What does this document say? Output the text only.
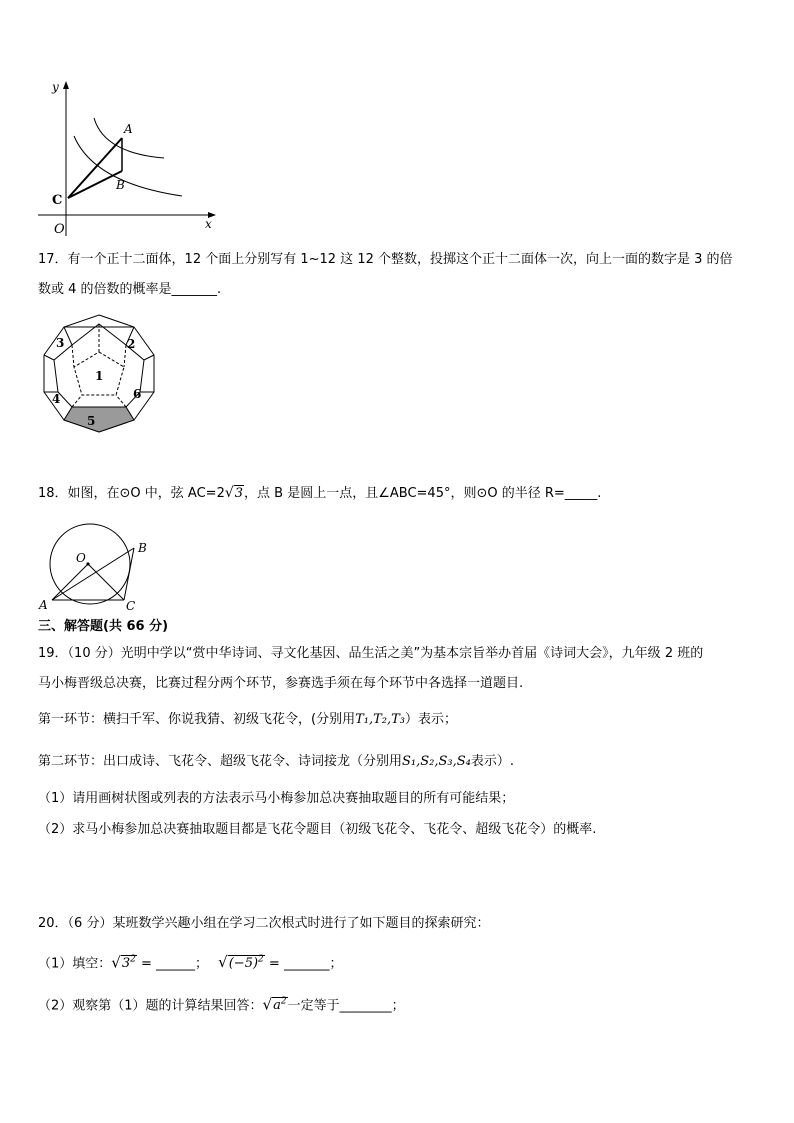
y
x
O
A
B
C
17．有一个正十二面体，12 个面上分别写有 1~12 这 12 个整数，投掷这个正十二面体一次，向上一面的数字是 3 的倍
数或 4 的倍数的概率是_______.
1
2
3
4
5
6
18．如图，在⊙O 中，弦 AC=2√3，点 B 是圆上一点，且∠ABC=45°，则⊙O 的半径 R=_____.
O
A
B
C
三、解答题(共 66 分)
19．（10 分）光明中学以“赏中华诗词、寻文化基因、品生活之美”为基本宗旨举办首届《诗词大会》，九年级 2 班的
马小梅晋级总决赛，比赛过程分两个环节，参赛选手须在每个环节中各选择一道题目.
第一环节：横扫千军、你说我猜、初级飞花令，(分别用T₁,T₂,T₃）表示；
第二环节：出口成诗、飞花令、超级飞花令、诗词接龙（分别用S₁,S₂,S₃,S₄表示）.
（1）请用画树状图或列表的方法表示马小梅参加总决赛抽取题目的所有可能结果；
（2）求马小梅参加总决赛抽取题目都是飞花令题目（初级飞花令、飞花令、超级飞花令）的概率.
20．（6 分）某班数学兴趣小组在学习二次根式时进行了如下题目的探索研究：
（1）填空：$√3^2$ = ______； $√(-5)^2$ = _______；
（2）观察第（1）题的计算结果回答：$√a^2$一定等于________；
